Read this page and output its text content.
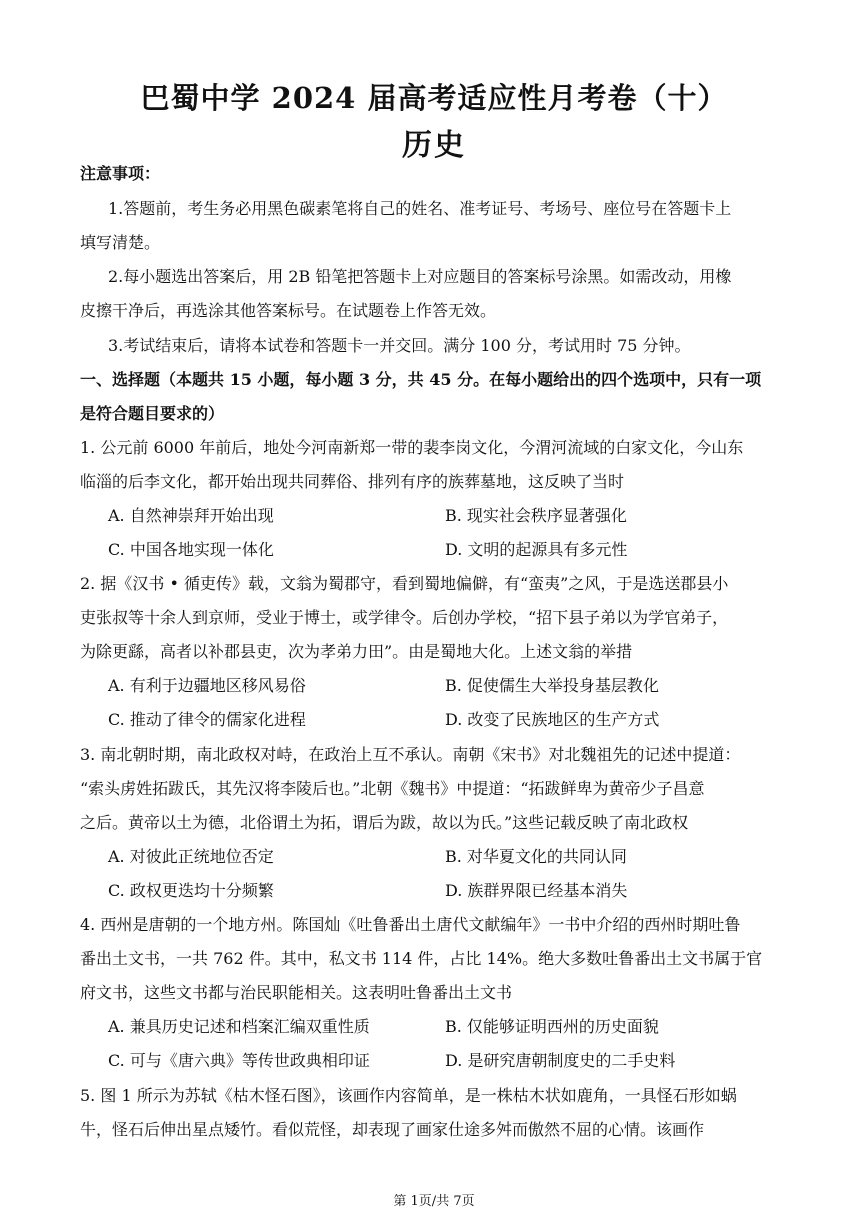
巴蜀中学 2024 届高考适应性月考卷（十）
历史
注意事项：
1.答题前，考生务必用黑色碳素笔将自己的姓名、准考证号、考场号、座位号在答题卡上
填写清楚。
2.每小题选出答案后，用 2B 铅笔把答题卡上对应题目的答案标号涂黑。如需改动，用橡
皮擦干净后，再选涂其他答案标号。在试题卷上作答无效。
3.考试结束后，请将本试卷和答题卡一并交回。满分 100 分，考试用时 75 分钟。
一、选择题（本题共 15 小题，每小题 3 分，共 45 分。在每小题给出的四个选项中，只有一项
是符合题目要求的）
1. 公元前 6000 年前后，地处今河南新郑一带的裴李岗文化，今渭河流域的白家文化，今山东
临淄的后李文化，都开始出现共同葬俗、排列有序的族葬墓地，这反映了当时
A. 自然神崇拜开始出现	B. 现实社会秩序显著强化
C. 中国各地实现一体化	D. 文明的起源具有多元性
2. 据《汉书 • 循吏传》载，文翁为蜀郡守，看到蜀地偏僻，有“蛮夷”之风，于是选送郡县小
吏张叔等十余人到京师，受业于博士，或学律令。后创办学校，“招下县子弟以为学官弟子，
为除更繇，高者以补郡县吏，次为孝弟力田”。由是蜀地大化。上述文翁的举措
A. 有利于边疆地区移风易俗	B. 促使儒生大举投身基层教化
C. 推动了律令的儒家化进程	D. 改变了民族地区的生产方式
3. 南北朝时期，南北政权对峙，在政治上互不承认。南朝《宋书》对北魏祖先的记述中提道：
“索头虏姓拓跋氏，其先汉将李陵后也。”北朝《魏书》中提道：“拓跋鲜卑为黄帝少子昌意
之后。黄帝以土为德，北俗谓土为拓，谓后为跋，故以为氏。”这些记载反映了南北政权
A. 对彼此正统地位否定	B. 对华夏文化的共同认同
C. 政权更迭均十分频繁	D. 族群界限已经基本消失
4. 西州是唐朝的一个地方州。陈国灿《吐鲁番出土唐代文献编年》一书中介绍的西州时期吐鲁
番出土文书，一共 762 件。其中，私文书 114 件，占比 14%。绝大多数吐鲁番出土文书属于官
府文书，这些文书都与治民职能相关。这表明吐鲁番出土文书
A. 兼具历史记述和档案汇编双重性质	B. 仅能够证明西州的历史面貌
C. 可与《唐六典》等传世政典相印证	D. 是研究唐朝制度史的二手史料
5. 图 1 所示为苏轼《枯木怪石图》，该画作内容简单，是一株枯木状如鹿角，一具怪石形如蜗
牛，怪石后伸出星点矮竹。看似荒怪，却表现了画家仕途多舛而傲然不屈的心情。该画作
第 1页/共 7页
